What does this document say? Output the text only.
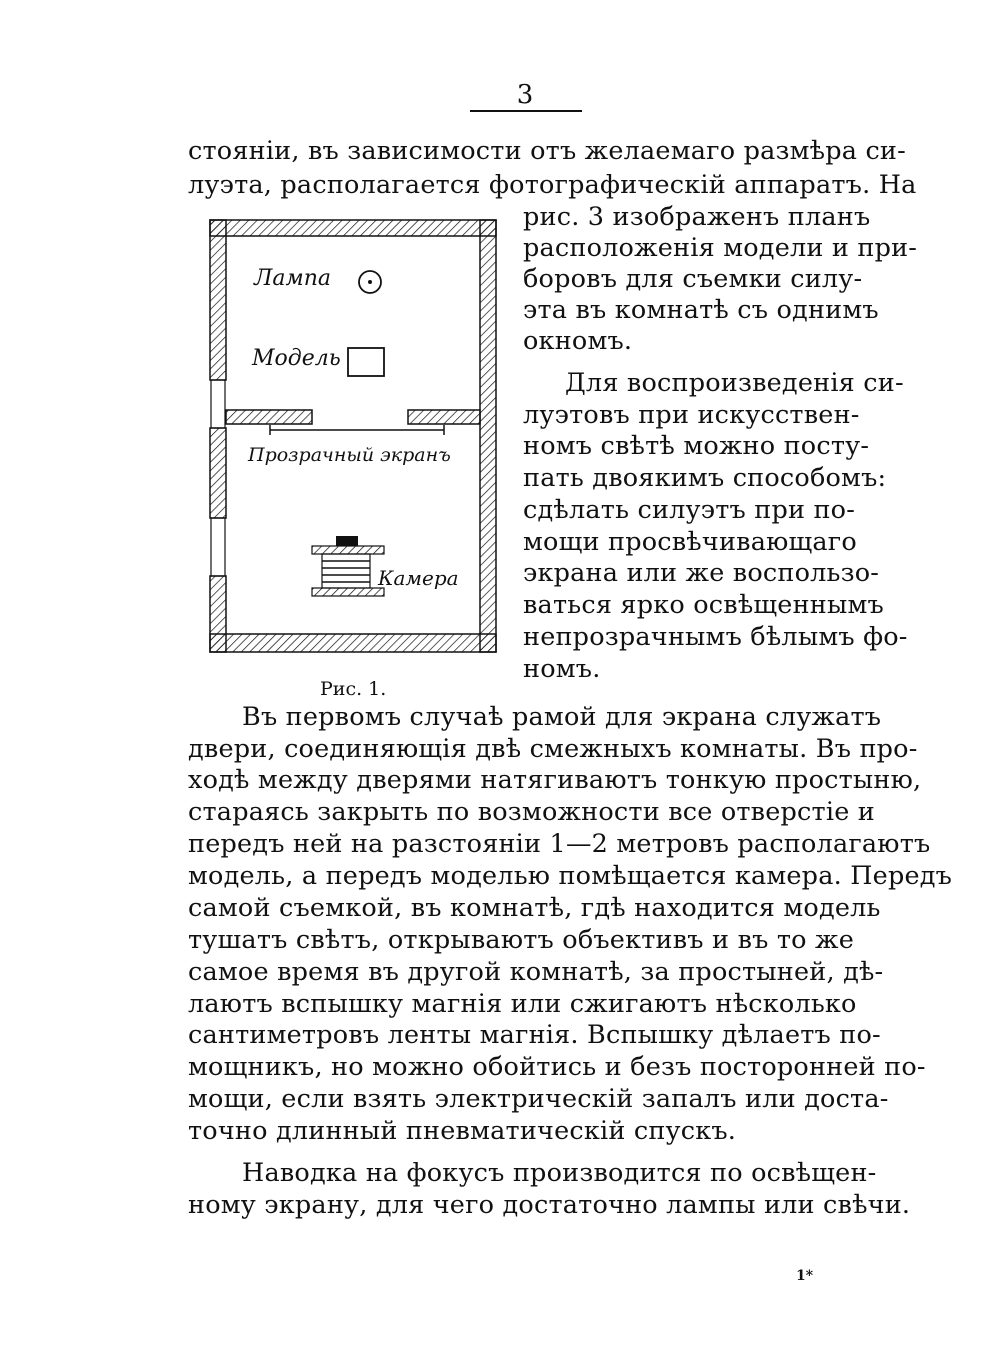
3
стояніи, въ зависимости отъ желаемаго размѣра си-
луэта, располагается фотографическій аппаратъ. На
рис. 3 изображенъ планъ
расположенія модели и при-
боровъ для съемки силу-
эта въ комнатѣ съ однимъ
окномъ.
Для воспроизведенія си-
луэтовъ при искусствен-
номъ свѣтѣ можно посту-
пать двоякимъ способомъ:
сдѣлать силуэтъ при по-
мощи просвѣчивающаго
экрана или же воспользо-
ваться ярко освѣщеннымъ
непрозрачнымъ бѣлымъ фо-
номъ.
Лампа
Модель
Прозрачный экранъ
Камера
Рис. 1.
Въ первомъ случаѣ рамой для экрана служатъ
двери, соединяющія двѣ смежныхъ комнаты. Въ про-
ходѣ между дверями натягиваютъ тонкую простыню,
стараясь закрыть по возможности все отверстіе и
передъ ней на разстояніи 1—2 метровъ располагаютъ
модель, а передъ моделью помѣщается камера. Передъ
самой съемкой, въ комнатѣ, гдѣ находится модель
тушатъ свѣтъ, открываютъ объективъ и въ то же
самое время въ другой комнатѣ, за простыней, дѣ-
лаютъ вспышку магнія или сжигаютъ нѣсколько
сантиметровъ ленты магнія. Вспышку дѣлаетъ по-
мощникъ, но можно обойтись и безъ посторонней по-
мощи, если взять электрическій запалъ или доста-
точно длинный пневматическій спускъ.
Наводка на фокусъ производится по освѣщен-
ному экрану, для чего достаточно лампы или свѣчи.
1*
